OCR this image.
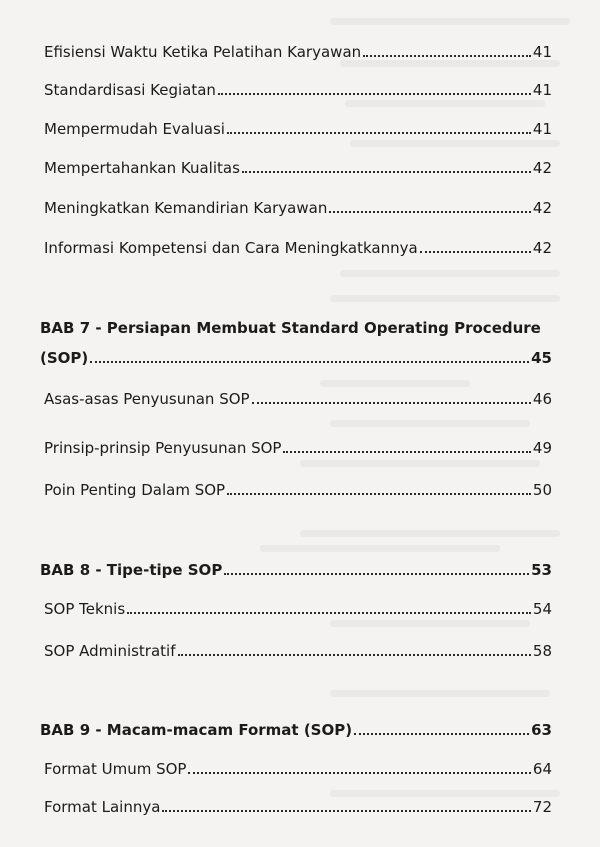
Efisiensi Waktu Ketika Pelatihan Karyawan	41
Standardisasi Kegiatan	41
Mempermudah Evaluasi	41
Mempertahankan Kualitas	42
Meningkatkan Kemandirian Karyawan	42
Informasi Kompetensi dan Cara Meningkatkannya	42
BAB 7 - Persiapan Membuat Standard Operating Procedure
(SOP)	45
Asas-asas Penyusunan SOP	46
Prinsip-prinsip Penyusunan SOP	49
Poin Penting Dalam SOP	50
BAB 8 - Tipe-tipe SOP	53
SOP Teknis	54
SOP Administratif	58
BAB 9 - Macam-macam Format (SOP)	63
Format Umum SOP	64
Format Lainnya	72
